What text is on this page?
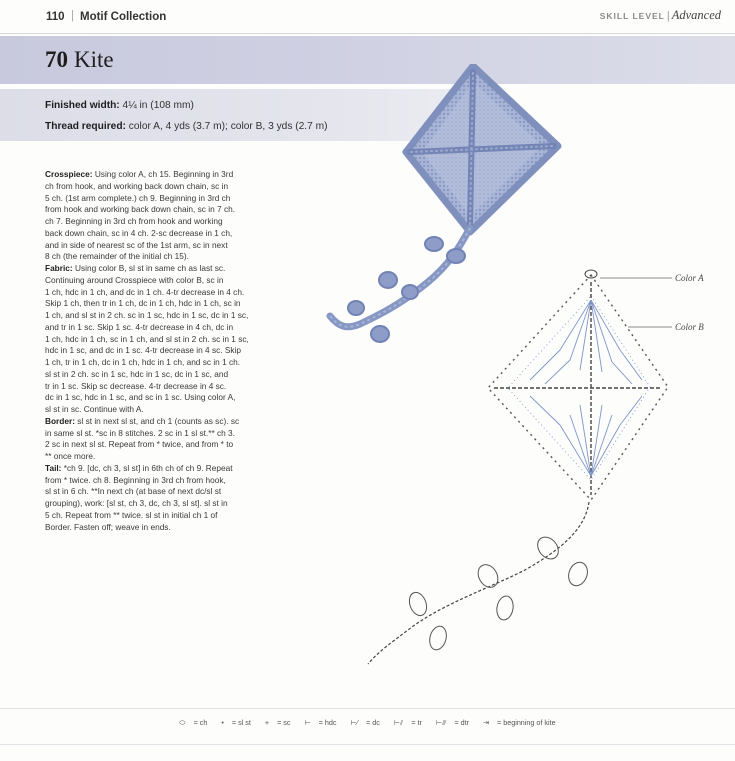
110 | Motif Collection	SKILL LEVEL | Advanced
70 Kite
Finished width: 4¼ in (108 mm)
Thread required: color A, 4 yds (3.7 m); color B, 3 yds (2.7 m)
Crosspiece: Using color A, ch 15. Beginning in 3rd
ch from hook, and working back down chain, sc in
5 ch. (1st arm complete.) ch 9. Beginning in 3rd ch
from hook and working back down chain, sc in 7 ch.
ch 7. Beginning in 3rd ch from hook and working
back down chain, sc in 4 ch. 2-sc decrease in 1 ch,
and in side of nearest sc of the 1st arm, sc in next
8 ch (the remainder of the initial ch 15).
Fabric: Using color B, sl st in same ch as last sc.
Continuing around Crosspiece with color B, sc in
1 ch, hdc in 1 ch, and dc in 1 ch. 4-tr decrease in 4 ch.
Skip 1 ch, then tr in 1 ch, dc in 1 ch, hdc in 1 ch, sc in
1 ch, and sl st in 2 ch. sc in 1 sc, hdc in 1 sc, dc in 1 sc,
and tr in 1 sc. Skip 1 sc. 4-tr decrease in 4 ch, dc in
1 ch, hdc in 1 ch, sc in 1 ch, and sl st in 2 ch. sc in 1 sc,
hdc in 1 sc, and dc in 1 sc. 4-tr decrease in 4 sc. Skip
1 ch, tr in 1 ch, dc in 1 ch, hdc in 1 ch, and sc in 1 ch.
sl st in 2 ch. sc in 1 sc, hdc in 1 sc, dc in 1 sc, and
tr in 1 sc. Skip sc decrease. 4-tr decrease in 4 sc.
dc in 1 sc, hdc in 1 sc, and sc in 1 sc. Using color A,
sl st in sc. Continue with A.
Border: sl st in next sl st, and ch 1 (counts as sc). sc
in same sl st. *sc in 8 stitches. 2 sc in 1 sl st.** ch 3.
2 sc in next sl st. Repeat from * twice, and from * to
** once more.
Tail: *ch 9. [dc, ch 3, sl st] in 6th ch of ch 9. Repeat
from * twice. ch 8. Beginning in 3rd ch from hook,
sl st in 6 ch. **In next ch (at base of next dc/sl st
grouping), work: [sl st, ch 3, dc, ch 3, sl st]. sl st in
5 ch. Repeat from ** twice. sl st in initial ch 1 of
Border. Fasten off; weave in ends.
Color A
Color B
⬭ = ch • = sl st + = sc ⊢ = hdc ⊢⁄ = dc ⊢⫽ = tr ⊢⫻ = dtr ⇥ = beginning of kite
